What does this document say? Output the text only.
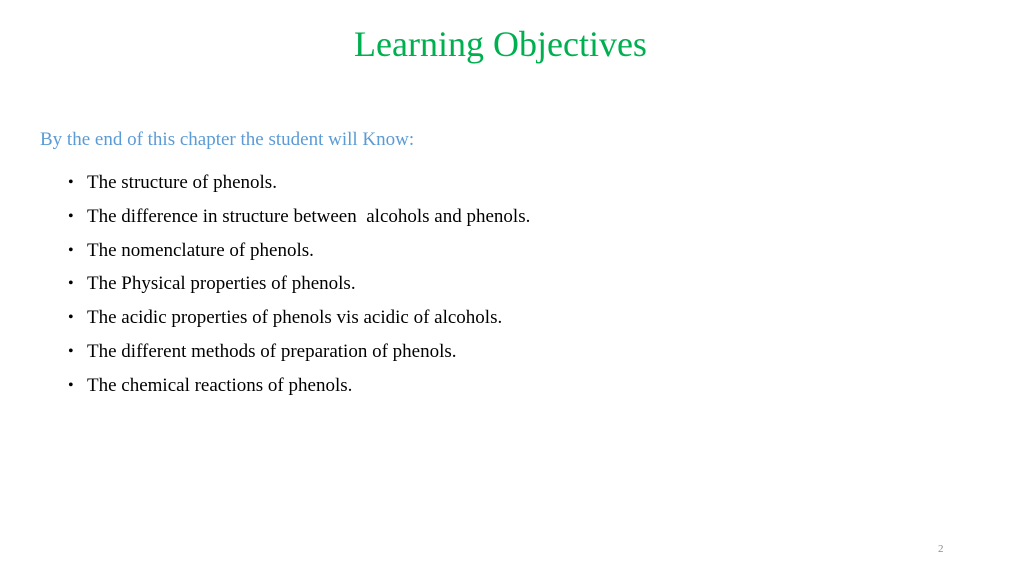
Learning Objectives
By the end of this chapter the student will Know:
• The structure of phenols.
• The difference in structure between  alcohols and phenols.
• The nomenclature of phenols.
• The Physical properties of phenols.
• The acidic properties of phenols vis acidic of alcohols.
• The different methods of preparation of phenols.
• The chemical reactions of phenols.
2
